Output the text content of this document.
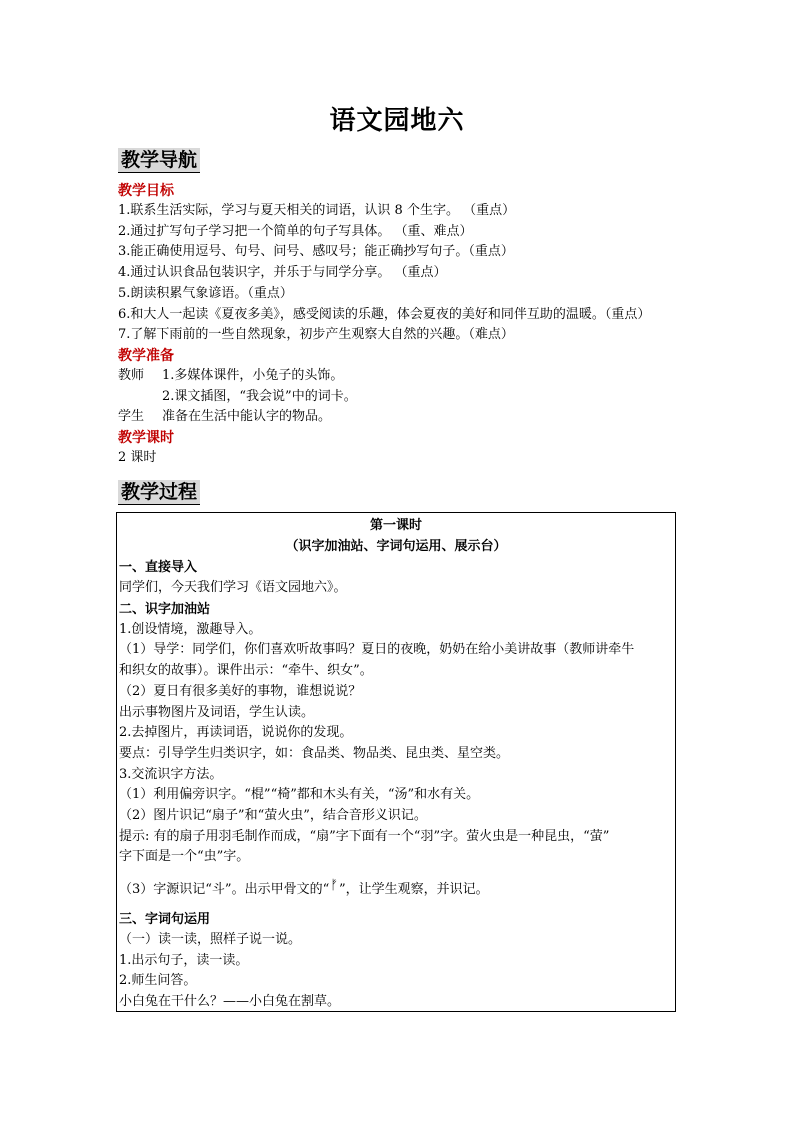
语文园地六
教学导航
教学目标
1.联系生活实际，学习与夏天相关的词语，认识 8 个生字。 （重点）
2.通过扩写句子学习把一个简单的句子写具体。 （重、难点）
3.能正确使用逗号、句号、问号、感叹号；能正确抄写句子。（重点）
4.通过认识食品包装识字，并乐于与同学分享。 （重点）
5.朗读积累气象谚语。（重点）
6.和大人一起读《夏夜多美》，感受阅读的乐趣，体会夏夜的美好和同伴互助的温暖。（重点）
7.了解下雨前的一些自然现象，初步产生观察大自然的兴趣。（难点）
教学准备
教师	1.多媒体课件，小兔子的头饰。
2.课文插图，“我会说”中的词卡。
学生	准备在生活中能认字的物品。
教学课时
2 课时
教学过程
第一课时
（识字加油站、字词句运用、展示台）
一、直接导入
同学们，今天我们学习《语文园地六》。
二、识字加油站
1.创设情境，激趣导入。
（1）导学：同学们，你们喜欢听故事吗？夏日的夜晚，奶奶在给小美讲故事（教师讲牵牛
和织女的故事）。课件出示：“牵牛、织女”。
（2）夏日有很多美好的事物，谁想说说？
出示事物图片及词语，学生认读。
2.去掉图片，再读词语，说说你的发现。
要点：引导学生归类识字，如：食品类、物品类、昆虫类、星空类。
3.交流识字方法。
（1）利用偏旁识字。“棍”“椅”都和木头有关，“汤”和水有关。
（2）图片识记“扇子”和“萤火虫”，结合音形义识记。
提示: 有的扇子用羽毛制作而成，“扇”字下面有一个“羽”字。萤火虫是一种昆虫，“萤”
字下面是一个“虫”字。
（3）字源识记“斗”。出示甲骨文的“ᚠ”，让学生观察，并识记。
三、字词句运用
（一）读一读，照样子说一说。
1.出示句子，读一读。
2.师生问答。
小白兔在干什么？——小白兔在割草。
